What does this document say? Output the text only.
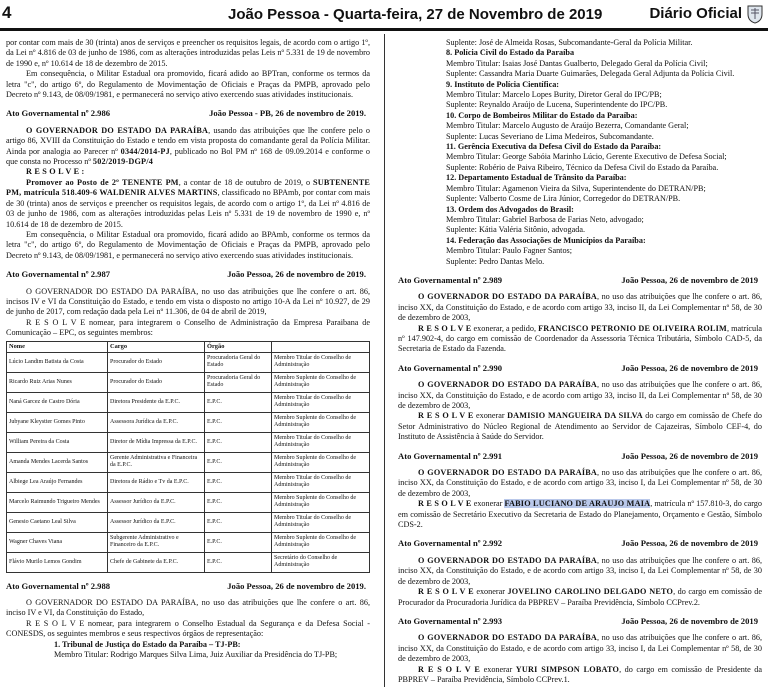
4	João Pessoa - Quarta-feira, 27 de Novembro de 2019	Diário Oficial

por contar com mais de 30 (trinta) anos de serviços e preencher os requisitos legais, de acordo com o artigo 1º, da Lei nº 4.816 de 03 de junho de 1986, com as alterações introduzidas pelas Leis nº 5.331 de 19 de novembro de 1990 e, nº 10.614 de 18 de dezembro de 2015.

Em consequência, o Militar Estadual ora promovido, ficará adido ao BPTran, conforme os termos da letra "c", do artigo 6º, do Regulamento de Movimentação de Oficiais e Praças da PMPB, aprovado pelo Decreto nº 9.143, de 08/09/1981, e permanecerá no serviço ativo exercendo suas atividades institucionais.

Ato Governamental nº 2.986	João Pessoa - PB, 26 de novembro de 2019.

O GOVERNADOR DO ESTADO DA PARAÍBA, usando das atribuições que lhe confere pelo o artigo 86, XVIII da Constituição do Estado e tendo em vista proposta do comandante geral da Polícia Militar. Ainda por analogia ao Parecer nº 0344/2014-PJ, publicado no Bol PM nº 168 de 09.09.2014 e conforme o que consta no Processo nº 502/2019-DGP/4

R E S O L V E :

Promover ao Posto de 2º TENENTE PM, a contar de 18 de outubro de 2019, o SUBTENENTE PM, matrícula 518.409-6 WALDENIR ALVES MARTINS, classificado no BPAmb, por contar com mais de 30 (trinta) anos de serviços e preencher os requisitos legais, de acordo com o artigo 1º, da Lei nº 4.816 de 03 de junho de 1986, com as alterações introduzidas pelas Leis nº 5.331 de 19 de novembro de 1990 e, nº 10.614 de 18 de dezembro de 2015.

Em consequência, o Militar Estadual ora promovido, ficará adido ao BPAmb, conforme os termos da letra "c", do artigo 6º, do Regulamento de Movimentação de Oficiais e Praças da PMPB, aprovado pelo Decreto nº 9.143, de 08/09/1981, e permanecerá no serviço ativo exercendo suas atividades institucionais.

Ato Governamental nº 2.987	João Pessoa, 26 de novembro de 2019.

O GOVERNADOR DO ESTADO DA PARAÍBA, no uso das atribuições que lhe confere o art. 86, incisos IV e VI da Constituição do Estado, e tendo em vista o disposto no artigo 10-A da Lei nº 10.927, de 29 de junho de 2017, com redação dada pela Lei nº 11.306, de 04 de abril de 2019,

R E S O L V E nomear, para integrarem o Conselho de Administração da Empresa Paraibana de Comunicação – EPC, os seguintes membros:

Nome	Cargo	Órgão	
Lúcio Landim Batista da Costa	Procurador do Estado	Procuradoria Geral do Estado	Membro Titular do Conselho de Administração
Ricardo Ruiz Arias Nunes	Procurador do Estado	Procuradoria Geral do Estado	Membro Suplente do Conselho de Administração
Naná Garcez de Castro Dória	Diretora Presidente da E.P.C.	E.P.C.	Membro Titular do Conselho de Administração
Jubyane Kleystter Gomes Pinto	Assessora Jurídica da E.P.C.	E.P.C.	Membro Suplente do Conselho de Administração
William Pereira da Costa	Diretor de Mídia Impressa da E.P.C.	E.P.C.	Membro Titular do Conselho de Administração
Amanda Mendes Lacerda Santos	Gerente Administrativa e Financeira da E.P.C.	E.P.C.	Membro Suplente do Conselho de Administração
Albiege Lea Araújo Fernandes	Diretora de Rádio e Tv da E.P.C.	E.P.C.	Membro Titular do Conselho de Administração
Marcelo Raimundo Trigueiro Mendes	Assessor Jurídico da E.P.C.	E.P.C.	Membro Suplente do Conselho de Administração
Genesio Caetano Leal Silva	Assessor Jurídico da E.P.C.	E.P.C.	Membro Titular do Conselho de Administração
Wagner Chaves Viana	Subgerente Administrativo e Financeiro da E.P.C.	E.P.C.	Membro Suplente do Conselho de Administração
Flávio Murilo Lemos Gondim	Chefe de Gabinete da E.P.C.	E.P.C.	Secretário do Conselho de Administração
Ato Governamental nº 2.988	João Pessoa, 26 de novembro de 2019.

O GOVERNADOR DO ESTADO DA PARAÍBA, no uso das atribuições que lhe confere o art. 86, inciso IV e VI, da Constituição do Estado,

R E S O L V E nomear, para integrarem o Conselho Estadual da Segurança e da Defesa Social - CONESDS, os seguintes membros e seus respectivos órgãos de representação:

1. Tribunal de Justiça do Estado da Paraíba – TJ-PB:

Membro Titular: Rodrigo Marques Silva Lima, Juiz Auxiliar da Presidência do TJ-PB;

Suplente: José de Almeida Rosas, Subcomandante-Geral da Polícia Militar.

8. Polícia Civil do Estado da Paraíba

Membro Titular: Isaias José Dantas Gualberto, Delegado Geral da Polícia Civil;

Suplente: Cassandra Maria Duarte Guimarães, Delegada Geral Adjunta da Polícia Civil.

9. Instituto de Polícia Científica:

Membro Titular: Marcelo Lopes Burity, Diretor Geral do IPC/PB;

Suplente: Reynaldo Araújo de Lucena, Superintendente do IPC/PB.

10. Corpo de Bombeiros Militar do Estado da Paraíba:

Membro Titular: Marcelo Augusto de Araújo Bezerra, Comandante Geral;

Suplente: Lucas Severiano de Lima Medeiros, Subcomandante.

11. Gerência Executiva da Defesa Civil do Estado da Paraíba:

Membro Titular: George Sabóia Marinho Lúcio, Gerente Executivo de Defesa Social;

Suplente: Robério de Paiva Ribeiro, Técnico da Defesa Civil do Estado da Paraíba.

12. Departamento Estadual de Trânsito da Paraíba:

Membro Titular: Agamenon Vieira da Silva, Superintendente do DETRAN/PB;

Suplente: Valberto Cosme de Lira Júnior, Corregedor do DETRAN/PB.

13. Ordem dos Advogados do Brasil:

Membro Titular: Gabriel Barbosa de Farias Neto, advogado;

Suplente: Kátia Valéria Sitônio, advogada.

14. Federação das Associações de Municípios da Paraíba:

Membro Titular: Paulo Fagner Santos;

Suplente: Pedro Dantas Melo.

Ato Governamental nº 2.989	João Pessoa, 26 de novembro de 2019

O GOVERNADOR DO ESTADO DA PARAÍBA, no uso das atribuições que lhe confere o art. 86, inciso XX, da Constituição do Estado, e de acordo com artigo 33, inciso II, da Lei Complementar nº 58, de 30 de dezembro de 2003,

R E S O L V E exonerar, a pedido, FRANCISCO PETRONIO DE OLIVEIRA ROLIM, matrícula nº 147.902-4, do cargo em comissão de Coordenador da Assessoria Técnica Tributária, Símbolo CAD-5, da Secretaria de Estado da Fazenda.

Ato Governamental nº 2.990	João Pessoa, 26 de novembro de 2019

O GOVERNADOR DO ESTADO DA PARAÍBA, no uso das atribuições que lhe confere o art. 86, inciso XX, da Constituição do Estado, e de acordo com artigo 33, inciso II, da Lei Complementar nº 58, de 30 de dezembro de 2003,

R E S O L V E exonerar DAMISIO MANGUEIRA DA SILVA do cargo em comissão de Chefe do Setor Administrativo do Núcleo Regional de Atendimento ao Servidor de Cajazeiras, Símbolo CEF-4, do Instituto de Assistência à Saúde do Servidor.

Ato Governamental nº 2.991	João Pessoa, 26 de novembro de 2019

O GOVERNADOR DO ESTADO DA PARAÍBA, no uso das atribuições que lhe confere o art. 86, inciso XX, da Constituição do Estado, e de acordo com artigo 33, inciso I, da Lei Complementar nº 58, de 30 de dezembro de 2003,

R E S O L V E exonerar FABIO LUCIANO DE ARAUJO MAIA, matrícula nº 157.810-3, do cargo em comissão de Secretário Executivo da Secretaria de Estado do Planejamento, Orçamento e Gestão, Símbolo CDS-2.

Ato Governamental nº 2.992	João Pessoa, 26 de novembro de 2019

O GOVERNADOR DO ESTADO DA PARAÍBA, no uso das atribuições que lhe confere o art. 86, inciso XX, da Constituição do Estado, e de acordo com artigo 33, inciso I, da Lei Complementar nº 58, de 30 de dezembro de 2003,

R E S O L V E exonerar JOVELINO CAROLINO DELGADO NETO, do cargo em comissão de Procurador da Procuradoria Jurídica da PBPREV – Paraíba Previdência, Símbolo CCPrev.2.

Ato Governamental nº 2.993	João Pessoa, 26 de novembro de 2019

O GOVERNADOR DO ESTADO DA PARAÍBA, no uso das atribuições que lhe confere o art. 86, inciso XX, da Constituição do Estado, e de acordo com artigo 33, inciso I, da Lei Complementar nº 58, de 30 de dezembro de 2003,

R E S O L V E exonerar YURI SIMPSON LOBATO, do cargo em comissão de Presidente da PBPREV – Paraíba Previdência, Símbolo CCPrev.1.
